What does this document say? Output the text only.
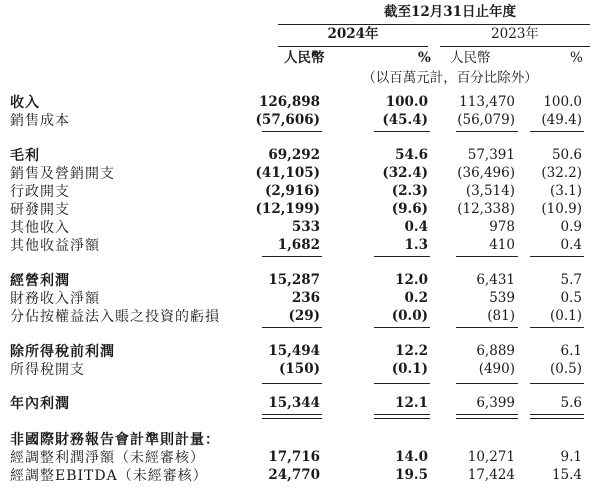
截至12月31日止年度
2024年	2023年
人民幣	% 人民幣	%
（以百萬元計，百分比除外）
收入	126,898	100.0 113,470 100.0
銷售成本	(57,606)	(45.4) (56,079) (49.4)
毛利	69,292	54.6	57,391	50.6
銷售及營銷開支	(41,105)	(32.4) (36,496) (32.2)
行政開支	(2,916)	(2.3)	(3,514)	(3.1)
研發開支	(12,199)	(9.6) (12,338) (10.9)
其他收入	533	0.4	978	0.9
其他收益淨額	1,682	1.3	410	0.4
經營利潤	15,287	12.0	6,431	5.7
財務收入淨額	236	0.2	539	0.5
分佔按權益法入賬之投資的虧損	(29)	(0.0)	(81)	(0.1)
除所得稅前利潤	15,494	12.2	6,889	6.1
所得稅開支	(150)	(0.1)	(490)	(0.5)
年內利潤	15,344	12.1	6,399	5.6
非國際財務報告會計準則計量：
經調整利潤淨額（未經審核）	17,716	14.0	10,271	9.1
經調整EBITDA（未經審核）	24,770	19.5	17,424	15.4
